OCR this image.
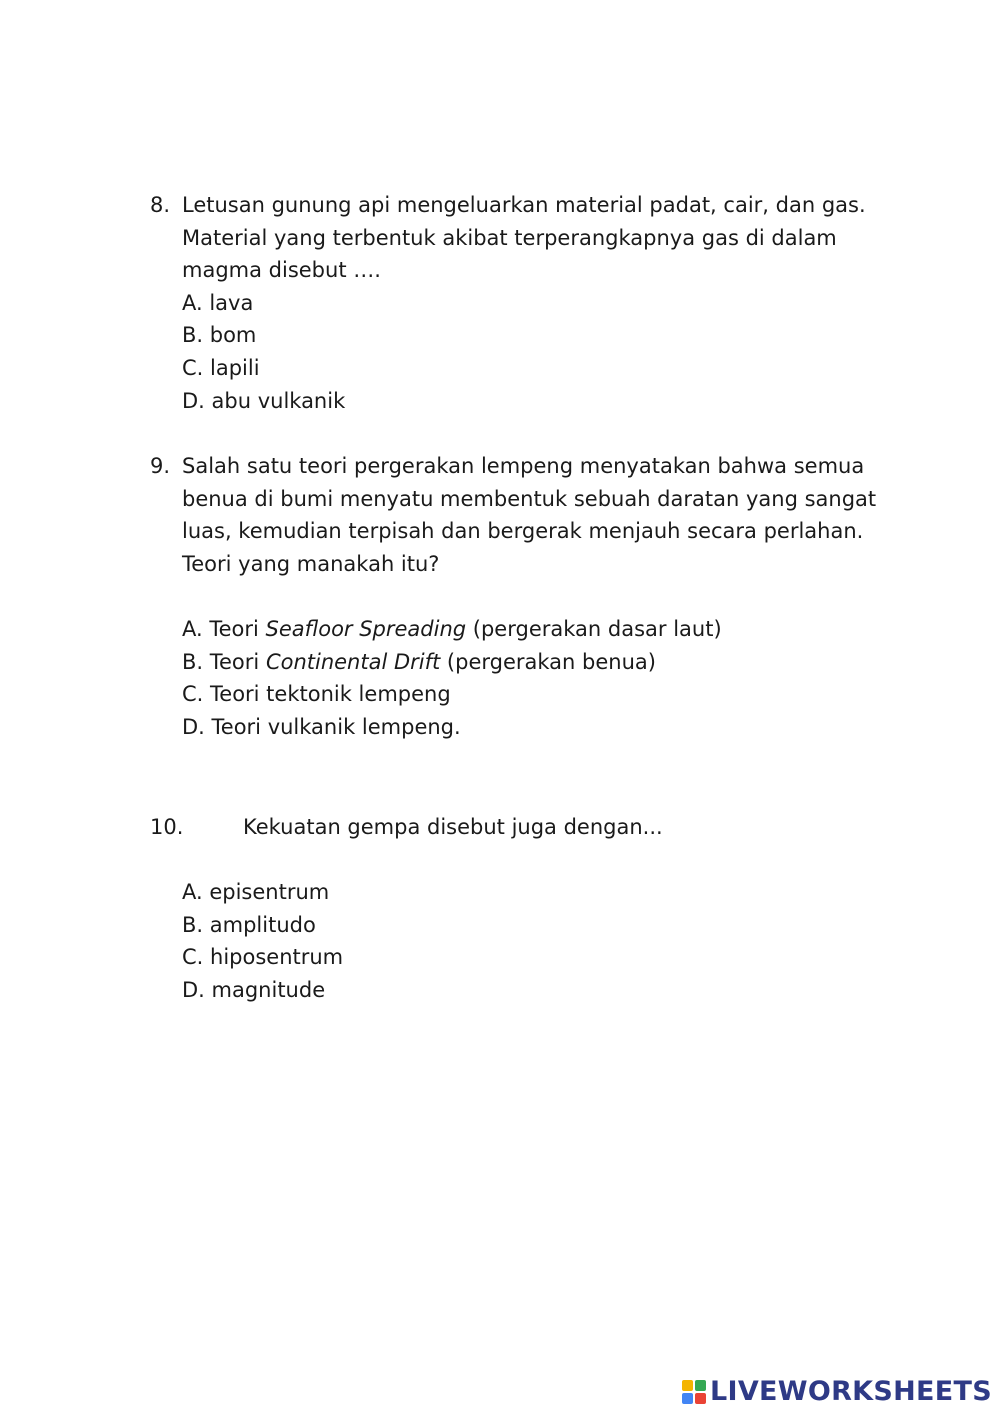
8. Letusan gunung api mengeluarkan material padat, cair, dan gas. Material yang terbentuk akibat terperangkapnya gas di dalam magma disebut ….
A. lava
B. bom
C. lapili
D. abu vulkanik
9. Salah satu teori pergerakan lempeng menyatakan bahwa semua benua di bumi menyatu membentuk sebuah daratan yang sangat luas, kemudian terpisah dan bergerak menjauh secara perlahan. Teori yang manakah itu?
A. Teori Seafloor Spreading (pergerakan dasar laut)
B. Teori Continental Drift (pergerakan benua)
C. Teori tektonik lempeng
D. Teori vulkanik lempeng.
10.	Kekuatan gempa disebut juga dengan...
A. episentrum
B. amplitudo
C. hiposentrum
D. magnitude
LIVEWORKSHEETS
